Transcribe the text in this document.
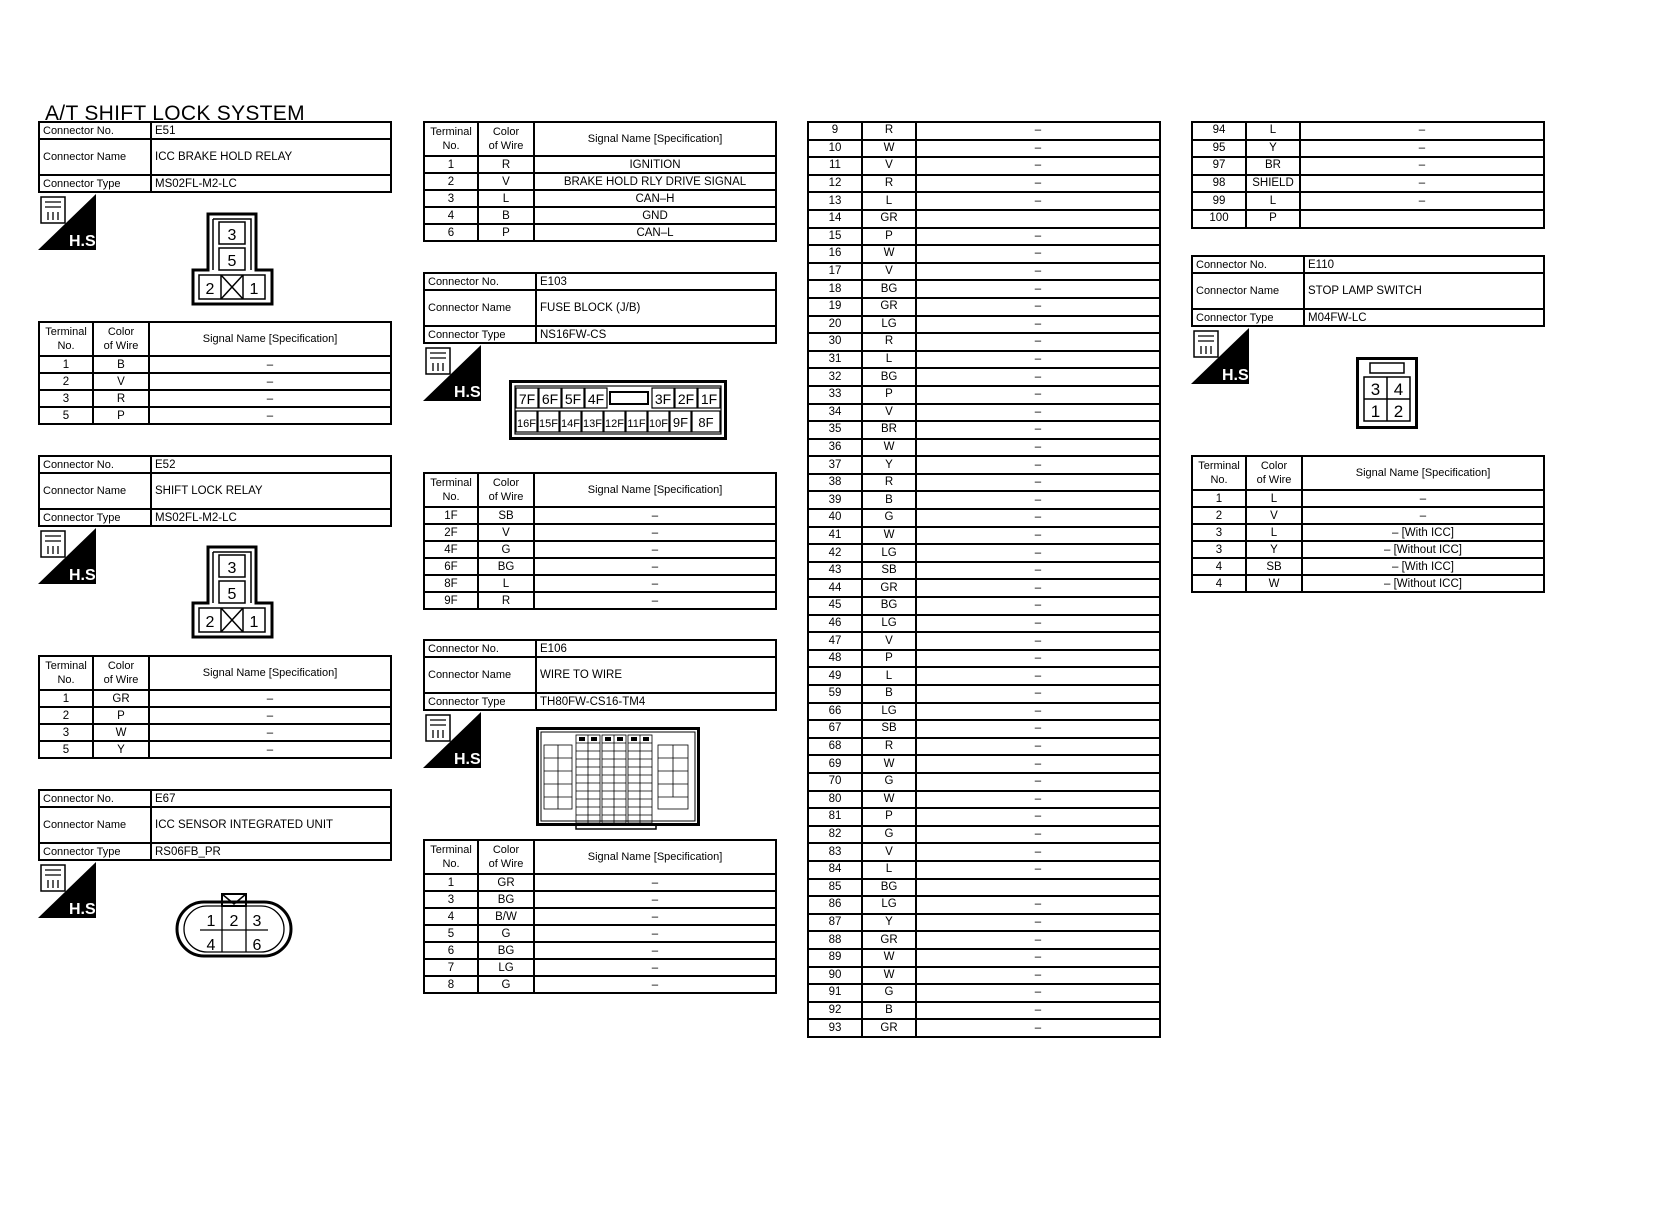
A/T SHIFT LOCK SYSTEM
Connector No.	E51
Connector Name	ICC BRAKE HOLD RELAY
Connector Type	MS02FL-M2-LC
H.S.	3
5
2 1
Terminal
No.	Color
of Wire	Signal Name [Specification]
1	B	–
2	V	–
3	R	–
5	P	–
Connector No.	E52
Connector Name	SHIFT LOCK RELAY
Connector Type	MS02FL-M2-LC
H.S.	3
5
2 1
Terminal
No.	Color
of Wire	Signal Name [Specification]
1	GR	–
2	P	–
3	W	–
5	Y	–
Connector No.	E67
Connector Name	ICC SENSOR INTEGRATED UNIT
Connector Type	RS06FB_PR
H.S.
1 2 3
4 6
Terminal
No.	Color
of Wire	Signal Name [Specification]
1	R	IGNITION
2	V	BRAKE HOLD RLY DRIVE SIGNAL
3	L	CAN–H
4	B	GND
6	P	CAN–L
Connector No.	E103
Connector Name	FUSE BLOCK (J/B)
Connector Type	NS16FW-CS
H.S. 7F 6F 5F 4F	3F 2F 1F
16F 15F 14F 13F 12F 11F 10F 9F 8F
Terminal
No.	Color
of Wire	Signal Name [Specification]
1F	SB	–
2F	V	–
4F	G	–
6F	BG	–
8F	L	–
9F	R	–
Connector No.	E106
Connector Name	WIRE TO WIRE
Connector Type	TH80FW-CS16-TM4
H.S.
Terminal
No.	Color
of Wire	Signal Name [Specification]
1	GR	–
3	BG	–
4	B/W	–
5	G	–
6	BG	–
7	LG	–
8	G	–
9	R	–
10	W	–
11	V	–
12	R	–
13	L	–
14	GR	
15	P	–
16	W	–
17	V	–
18	BG	–
19	GR	–
20	LG	–
30	R	–
31	L	–
32	BG	–
33	P	–
34	V	–
35	BR	–
36	W	–
37	Y	–
38	R	–
39	B	–
40	G	–
41	W	–
42	LG	–
43	SB	–
44	GR	–
45	BG	–
46	LG	–
47	V	–
48	P	–
49	L	–
59	B	–
66	LG	–
67	SB	–
68	R	–
69	W	–
70	G	–
80	W	–
81	P	–
82	G	–
83	V	–
84	L	–
85	BG	
86	LG	–
87	Y	–
88	GR	–
89	W	–
90	W	–
91	G	–
92	B	–
93	GR	–
94	L	–
95	Y	–
97	BR	–
98	SHIELD	–
99	L	–
100	P	
Connector No.	E110
Connector Name	STOP LAMP SWITCH
Connector Type	M04FW-LC
H.S.
3 4
1 2
Terminal
No.	Color
of Wire	Signal Name [Specification]
1	L	–
2	V	–
3	L	– [With ICC]
3	Y	– [Without ICC]
4	SB	– [With ICC]
4	W	– [Without ICC]
